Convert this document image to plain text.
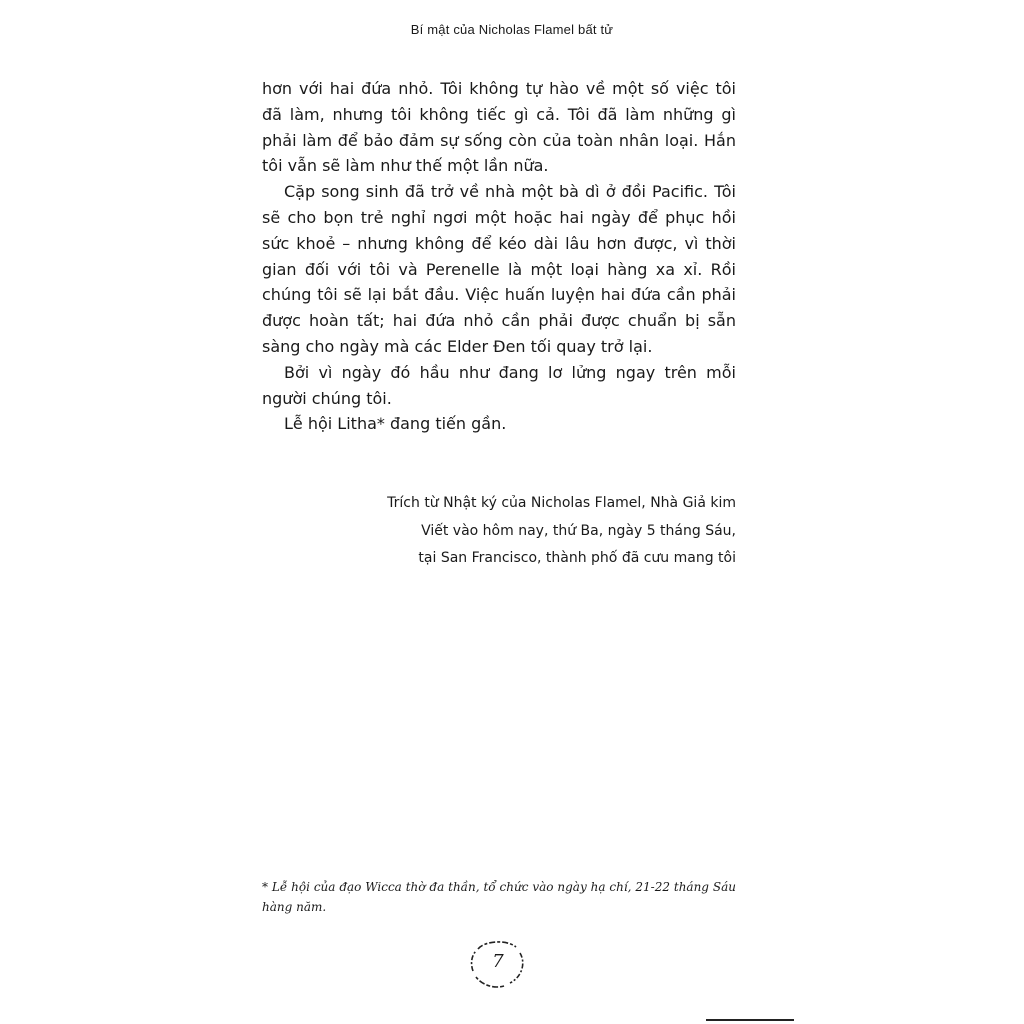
Bí mật của Nicholas Flamel bất tử

hơn với hai đứa nhỏ. Tôi không tự hào về một số việc tôi đã làm, nhưng tôi không tiếc gì cả. Tôi đã làm những gì phải làm để bảo đảm sự sống còn của toàn nhân loại. Hắn tôi vẫn sẽ làm như thế một lần nữa.

Cặp song sinh đã trở về nhà một bà dì ở đồi Pacific. Tôi sẽ cho bọn trẻ nghỉ ngơi một hoặc hai ngày để phục hồi sức khoẻ – nhưng không để kéo dài lâu hơn được, vì thời gian đối với tôi và Perenelle là một loại hàng xa xỉ. Rồi chúng tôi sẽ lại bắt đầu. Việc huấn luyện hai đứa cần phải được hoàn tất; hai đứa nhỏ cần phải được chuẩn bị sẵn sàng cho ngày mà các Elder Đen tối quay trở lại.

Bởi vì ngày đó hầu như đang lơ lửng ngay trên mỗi người chúng tôi.

Lễ hội Litha* đang tiến gần.

Trích từ Nhật ký của Nicholas Flamel, Nhà Giả kim
Viết vào hôm nay, thứ Ba, ngày 5 tháng Sáu,
tại San Francisco, thành phố đã cưu mang tôi
* Lễ hội của đạo Wicca thờ đa thần, tổ chức vào ngày hạ chí, 21-22 tháng Sáu hàng năm.
7
